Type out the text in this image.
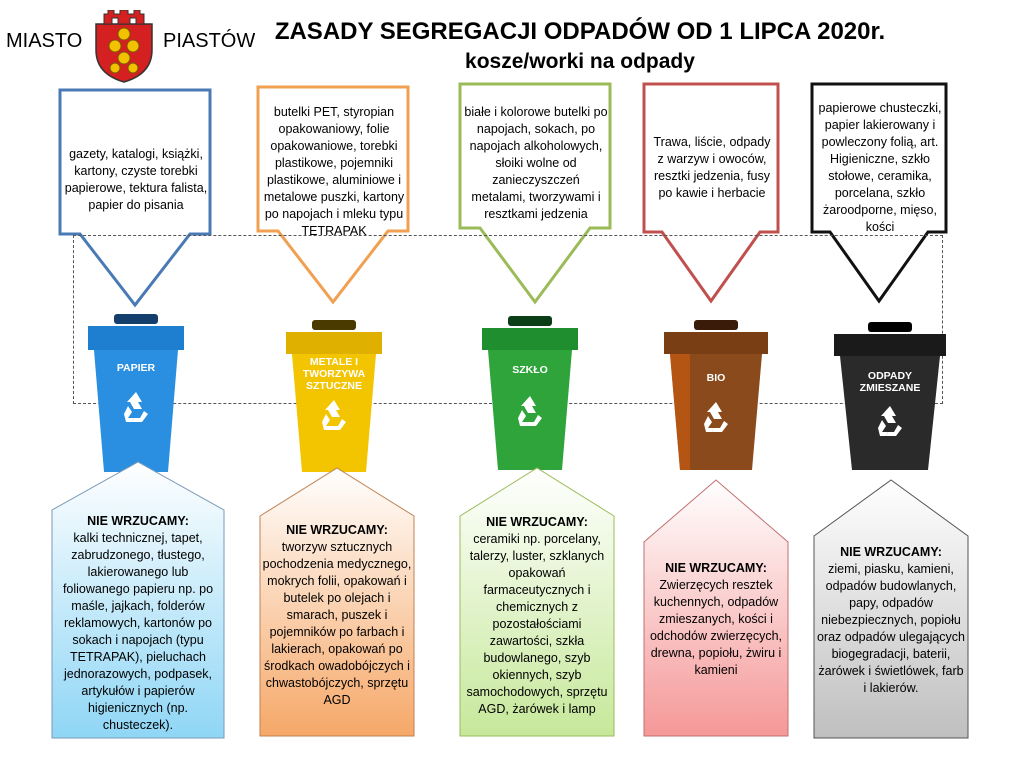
MIASTO	PIASTÓW ZASADY SEGREGACJI ODPADÓW OD 1 LIPCA 2020r.
kosze/worki na odpady
gazety, katalogi, książki, kartony, czyste torebki papierowe, tektura falista, papier do pisania
butelki PET, styropian opakowaniowy, folie opakowaniowe, torebki plastikowe, pojemniki plastikowe, aluminiowe i metalowe puszki, kartony po napojach i mleku typu TETRAPAK
białe i kolorowe butelki po napojach, sokach, po napojach alkoholowych, słoiki wolne od zanieczyszczeń metalami, tworzywami i resztkami jedzenia
Trawa, liście, odpady z warzyw i owoców, resztki jedzenia, fusy po kawie i herbacie
papierowe chusteczki, papier lakierowany i powleczony folią, art. Higieniczne, szkło stołowe, ceramika, porcelana, szkło żaroodporne, mięso, kości
PAPIER	METALE I TWORZYWA SZTUCZNE
SZKŁO
BIO	ODPADY ZMIESZANE
NIE WRZUCAMY:
kalki technicznej, tapet, zabrudzonego, tłustego, lakierowanego lub foliowanego papieru np. po maśle, jajkach, folderów reklamowych, kartonów po sokach i napojach (typu TETRAPAK), pieluchach jednorazowych, podpasek, artykułów i papierów higienicznych (np. chusteczek).
NIE WRZUCAMY:
tworzyw sztucznych pochodzenia medycznego, mokrych folii, opakowań i butelek po olejach i smarach, puszek i pojemników po farbach i lakierach, opakowań po środkach owadobójczych i chwastobójczych, sprzętu AGD
NIE WRZUCAMY:
ceramiki np. porcelany, talerzy, luster, szklanych opakowań farmaceutycznych i chemicznych z pozostałościami zawartości, szkła budowlanego, szyb okiennych, szyb samochodowych, sprzętu AGD, żarówek i lamp
NIE WRZUCAMY:
Zwierzęcych resztek kuchennych, odpadów zmieszanych, kości i odchodów zwierzęcych, drewna, popiołu, żwiru i kamieni
NIE WRZUCAMY:
ziemi, piasku, kamieni, odpadów budowlanych, papy, odpadów niebezpiecznych, popiołu oraz odpadów ulegających biogegradacji, baterii, żarówek i świetlówek, farb i lakierów.
